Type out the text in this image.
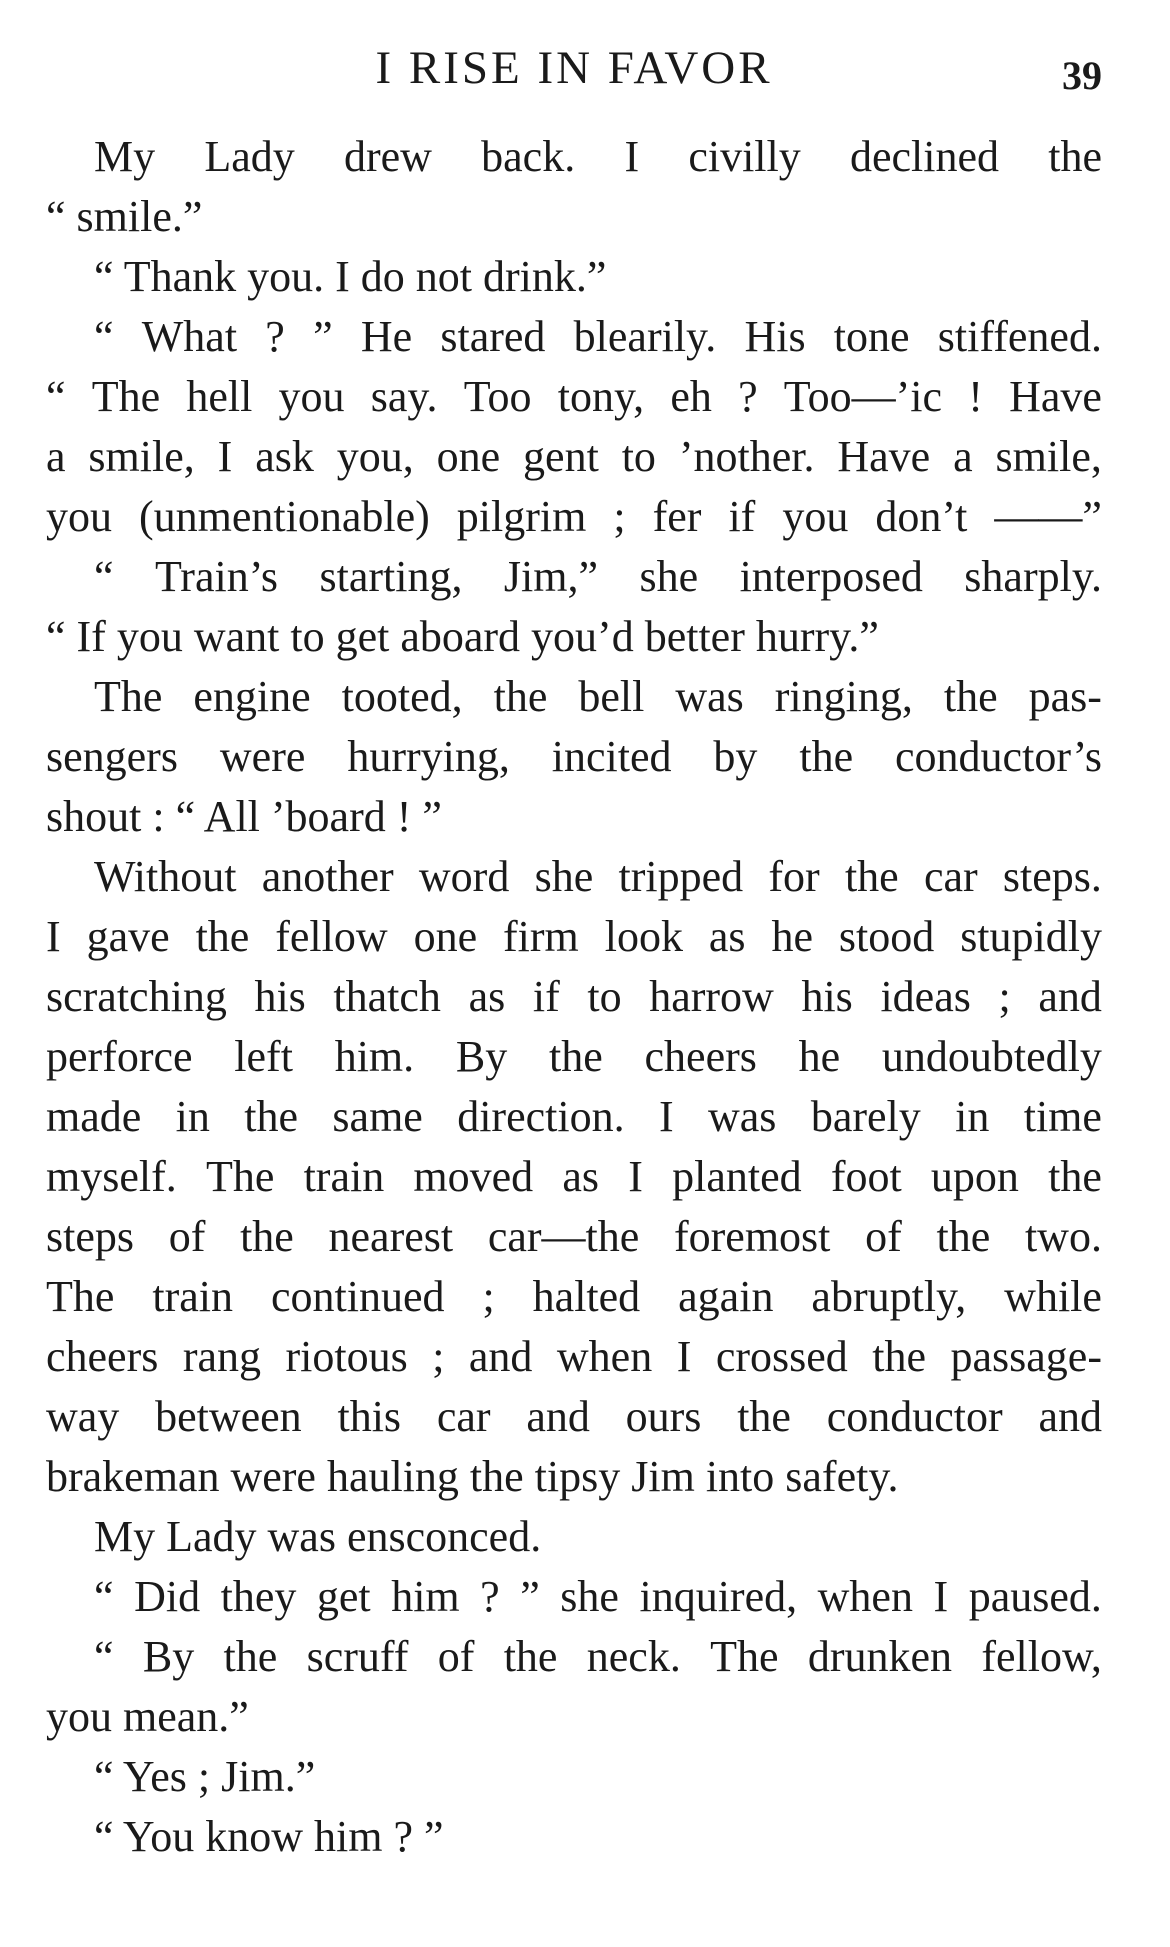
I RISE IN FAVOR	39
My Lady drew back. I civilly declined the
“ smile.”
“ Thank you. I do not drink.”
“ What ? ” He stared blearily. His tone stiffened.
“ The hell you say. Too tony, eh ? Too—’ic ! Have
a smile, I ask you, one gent to ’nother. Have a smile,
you (unmentionable) pilgrim ; fer if you don’t ——”
“ Train’s starting, Jim,” she interposed sharply.
“ If you want to get aboard you’d better hurry.”
The engine tooted, the bell was ringing, the pas-
sengers were hurrying, incited by the conductor’s
shout : “ All ’board ! ”
Without another word she tripped for the car steps.
I gave the fellow one firm look as he stood stupidly
scratching his thatch as if to harrow his ideas ; and
perforce left him. By the cheers he undoubtedly
made in the same direction. I was barely in time
myself. The train moved as I planted foot upon the
steps of the nearest car—the foremost of the two.
The train continued ; halted again abruptly, while
cheers rang riotous ; and when I crossed the passage-
way between this car and ours the conductor and
brakeman were hauling the tipsy Jim into safety.
My Lady was ensconced.
“ Did they get him ? ” she inquired, when I paused.
“ By the scruff of the neck. The drunken fellow,
you mean.”
“ Yes ; Jim.”
“ You know him ? ”
